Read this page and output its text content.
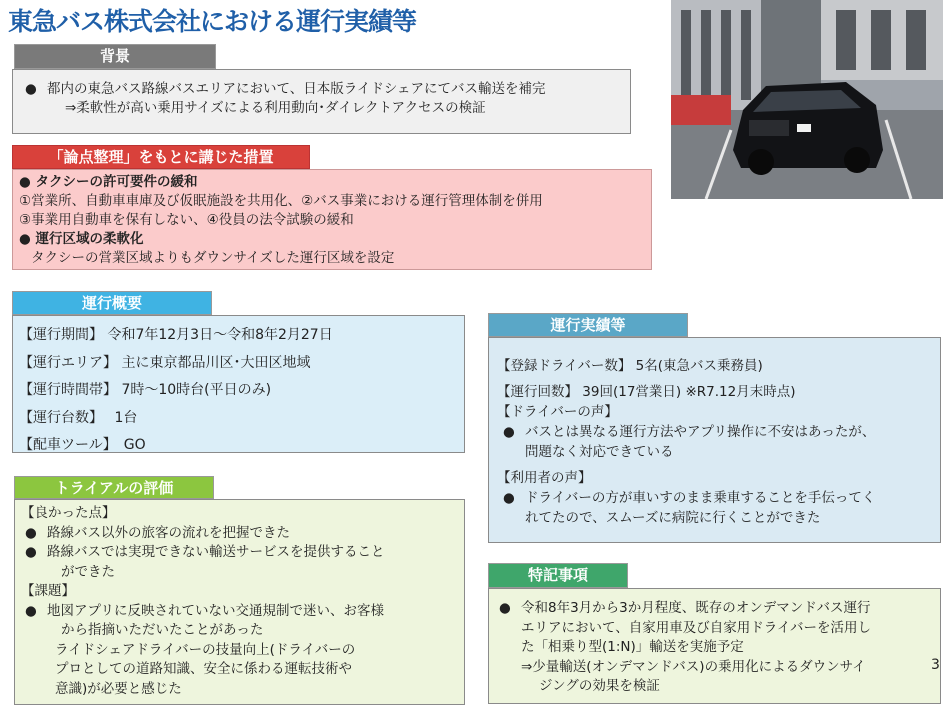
東急バス株式会社における運行実績等
背景
● 都内の東急バス路線バスエリアにおいて、日本版ライドシェアにてバス輸送を補完
⇒柔軟性が高い乗用サイズによる利用動向･ダイレクトアクセスの検証
「論点整理」をもとに講じた措置
● タクシーの許可要件の緩和
①営業所、自動車車庫及び仮眠施設を共用化、②バス事業における運行管理体制を併用
③事業用自動車を保有しない、④役員の法令試験の緩和
● 運行区域の柔軟化
タクシーの営業区域よりもダウンサイズした運行区域を設定
運行概要
【運行期間】 令和7年12月3日～令和8年2月27日
【運行エリア】 主に東京都品川区･大田区地域
【運行時間帯】 7時～10時台(平日のみ)
【運行台数】　 1台
【配車ツール】　GO
運行実績等
【登録ドライバー数】 5名(東急バス乗務員)
【運行回数】 39回(17営業日) ※R7.12月末時点)
【ドライバーの声】
● バスとは異なる運行方法やアプリ操作に不安はあったが、
問題なく対応できている
【利用者の声】
● ドライバーの方が車いすのまま乗車することを手伝ってく
れてたので、スムーズに病院に行くことができた
トライアルの評価
【良かった点】
● 路線バス以外の旅客の流れを把握できた
● 路線バスでは実現できない輸送サービスを提供すること
ができた
【課題】
● 地図アプリに反映されていない交通規制で迷い、お客様
から指摘いただいたことがあった
ライドシェアドライバーの技量向上(ドライバーの
プロとしての道路知識、安全に係わる運転技術や
意識)が必要と感じた
特記事項
● 令和8年3月から3か月程度、既存のオンデマンドバス運行
エリアにおいて、自家用車及び自家用ドライバーを活用し
た「相乗り型(1:N)」輸送を実施予定
⇒少量輸送(オンデマンドバス)の乗用化によるダウンサイ
ジングの効果を検証
3
